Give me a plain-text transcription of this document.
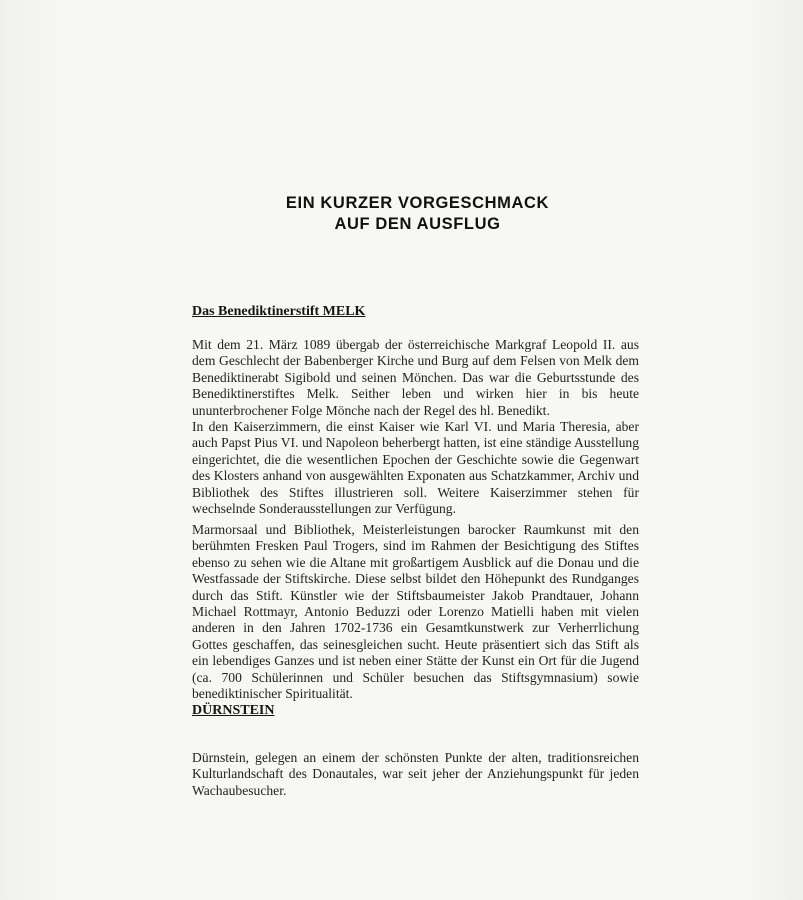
EIN KURZER VORGESCHMACK
AUF DEN AUSFLUG
Das Benediktinerstift MELK

Mit dem 21. März 1089 übergab der österreichische Markgraf Leopold II. aus dem Geschlecht der Babenberger Kirche und Burg auf dem Felsen von Melk dem Benediktinerabt Sigibold und seinen Mönchen. Das war die Geburtsstunde des Benediktinerstiftes Melk. Seither leben und wirken hier in bis heute ununterbrochener Folge Mönche nach der Regel des hl. Benedikt.

In den Kaiserzimmern, die einst Kaiser wie Karl VI. und Maria Theresia, aber auch Papst Pius VI. und Napoleon beherbergt hatten, ist eine ständige Ausstellung eingerichtet, die die wesentlichen Epochen der Geschichte sowie die Gegenwart des Klosters anhand von ausgewählten Exponaten aus Schatzkammer, Archiv und Bibliothek des Stiftes illustrieren soll. Weitere Kaiserzimmer stehen für wechselnde Sonderausstellungen zur Verfügung.

Marmorsaal und Bibliothek, Meisterleistungen barocker Raumkunst mit den berühmten Fresken Paul Trogers, sind im Rahmen der Besichtigung des Stiftes ebenso zu sehen wie die Altane mit großartigem Ausblick auf die Donau und die Westfassade der Stiftskirche. Diese selbst bildet den Höhepunkt des Rundganges durch das Stift. Künstler wie der Stiftsbaumeister Jakob Prandtauer, Johann Michael Rottmayr, Antonio Beduzzi oder Lorenzo Matielli haben mit vielen anderen in den Jahren 1702-1736 ein Gesamtkunstwerk zur Verherrlichung Gottes geschaffen, das seinesgleichen sucht. Heute präsentiert sich das Stift als ein lebendiges Ganzes und ist neben einer Stätte der Kunst ein Ort für die Jugend (ca. 700 Schülerinnen und Schüler besuchen das Stiftsgymnasium) sowie benediktinischer Spiritualität.

DÜRNSTEIN

Dürnstein, gelegen an einem der schönsten Punkte der alten, traditionsreichen Kulturlandschaft des Donautales, war seit jeher der Anziehungspunkt für jeden Wachaubesucher.
